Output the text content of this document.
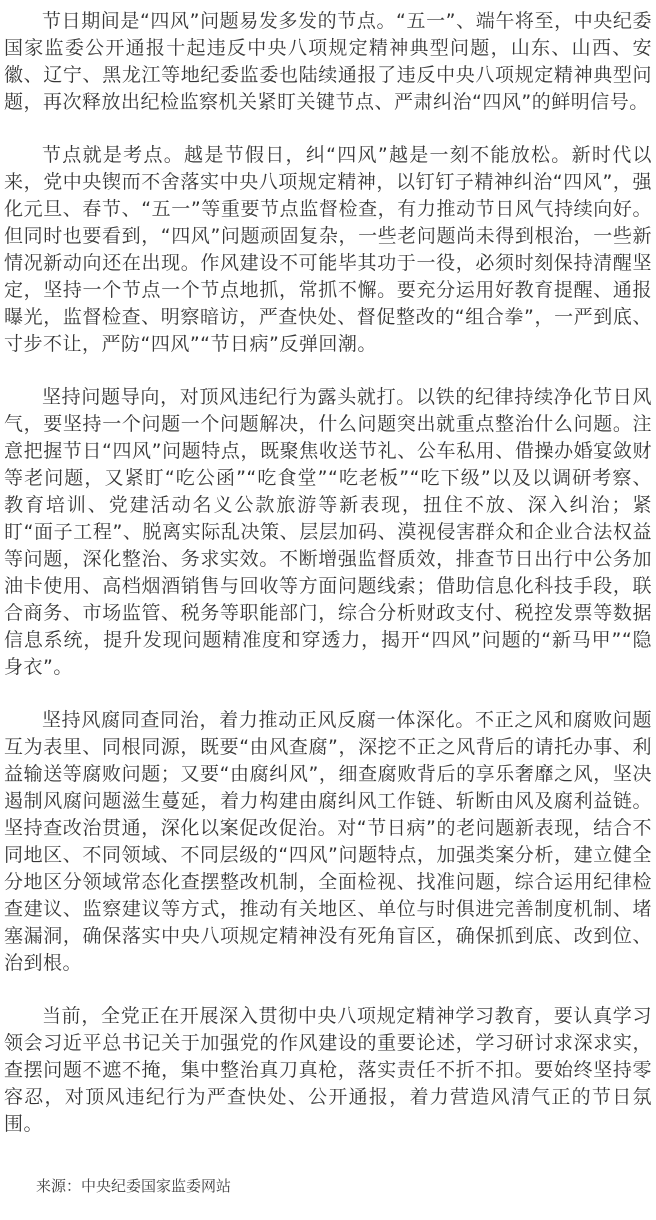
节日期间是“四风”问题易发多发的节点。“五一”、端午将至，中央纪委国家监委公开通报十起违反中央八项规定精神典型问题，山东、山西、安徽、辽宁、黑龙江等地纪委监委也陆续通报了违反中央八项规定精神典型问题，再次释放出纪检监察机关紧盯关键节点、严肃纠治“四风”的鲜明信号。

节点就是考点。越是节假日，纠“四风”越是一刻不能放松。新时代以来，党中央锲而不舍落实中央八项规定精神，以钉钉子精神纠治“四风”，强化元旦、春节、“五一”等重要节点监督检查，有力推动节日风气持续向好。但同时也要看到，“四风”问题顽固复杂，一些老问题尚未得到根治，一些新情况新动向还在出现。作风建设不可能毕其功于一役，必须时刻保持清醒坚定，坚持一个节点一个节点地抓，常抓不懈。要充分运用好教育提醒、通报曝光，监督检查、明察暗访，严查快处、督促整改的“组合拳”，一严到底、寸步不让，严防“四风”“节日病”反弹回潮。

坚持问题导向，对顶风违纪行为露头就打。以铁的纪律持续净化节日风气，要坚持一个问题一个问题解决，什么问题突出就重点整治什么问题。注意把握节日“四风”问题特点，既聚焦收送节礼、公车私用、借操办婚宴敛财等老问题，又紧盯“吃公函”“吃食堂”“吃老板”“吃下级”以及以调研考察、教育培训、党建活动名义公款旅游等新表现，扭住不放、深入纠治；紧盯“面子工程”、脱离实际乱决策、层层加码、漠视侵害群众和企业合法权益等问题，深化整治、务求实效。不断增强监督质效，排查节日出行中公务加油卡使用、高档烟酒销售与回收等方面问题线索；借助信息化科技手段，联合商务、市场监管、税务等职能部门，综合分析财政支付、税控发票等数据信息系统，提升发现问题精准度和穿透力，揭开“四风”问题的“新马甲”“隐身衣”。

坚持风腐同查同治，着力推动正风反腐一体深化。不正之风和腐败问题互为表里、同根同源，既要“由风查腐”，深挖不正之风背后的请托办事、利益输送等腐败问题；又要“由腐纠风”，细查腐败背后的享乐奢靡之风，坚决遏制风腐问题滋生蔓延，着力构建由腐纠风工作链、斩断由风及腐利益链。坚持查改治贯通，深化以案促改促治。对“节日病”的老问题新表现，结合不同地区、不同领域、不同层级的“四风”问题特点，加强类案分析，建立健全分地区分领域常态化查摆整改机制，全面检视、找准问题，综合运用纪律检查建议、监察建议等方式，推动有关地区、单位与时俱进完善制度机制、堵塞漏洞，确保落实中央八项规定精神没有死角盲区，确保抓到底、改到位、治到根。

当前，全党正在开展深入贯彻中央八项规定精神学习教育，要认真学习领会习近平总书记关于加强党的作风建设的重要论述，学习研讨求深求实，查摆问题不遮不掩，集中整治真刀真枪，落实责任不折不扣。要始终坚持零容忍，对顶风违纪行为严查快处、公开通报，着力营造风清气正的节日氛围。

来源：中央纪委国家监委网站
